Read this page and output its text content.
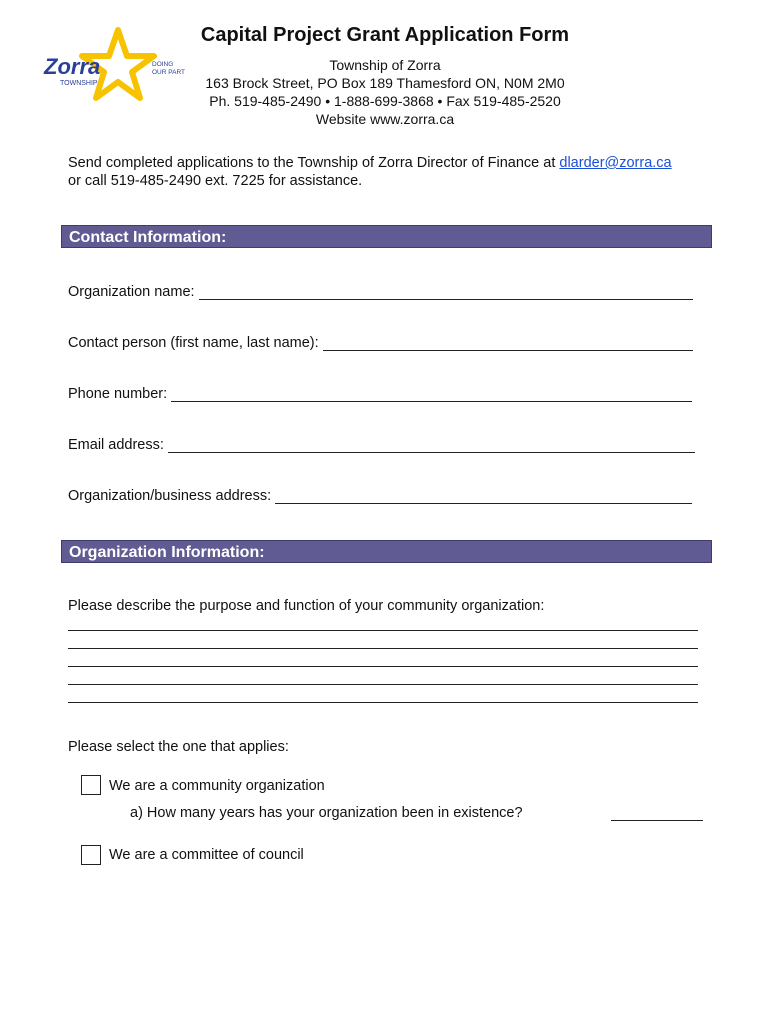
Zorra
TOWNSHIP
DOING
OUR PART
Capital Project Grant Application Form
Township of Zorra
163 Brock Street, PO Box 189 Thamesford ON, N0M 2M0
Ph. 519-485-2490 • 1-888-699-3868 • Fax 519-485-2520
Website www.zorra.ca
Send completed applications to the Township of Zorra Director of Finance at dlarder@zorra.ca
or call 519-485-2490 ext. 7225 for assistance.
Contact Information:
Organization name:
Contact person (first name, last name):
Phone number:
Email address:
Organization/business address:
Organization Information:
Please describe the purpose and function of your community organization:
Please select the one that applies:
We are a community organization
a) How many years has your organization been in existence?
We are a committee of council
